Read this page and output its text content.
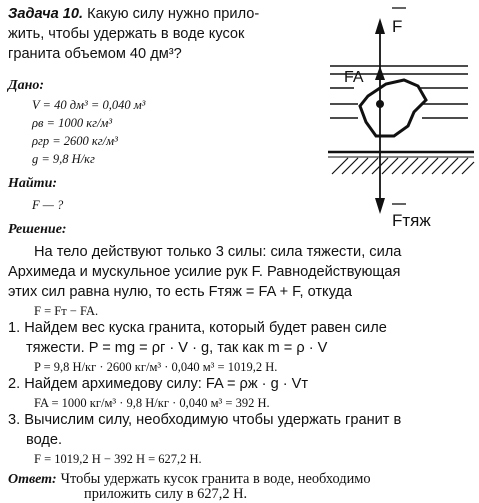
Задача 10. Какую силу нужно прило-
жить, чтобы удержать в воде кусок
гранита объемом 40 дм³?
Дано:
V = 40 дм³ = 0,040 м³
ρв = 1000 кг/м³
ρгр = 2600 кг/м³
g = 9,8 Н/кг
Найти:
F — ?
Решение:
На тело действуют только 3 силы: сила тяжести, сила
Архимеда и мускульное усилие рук F. Равнодействующая
этих сил равна нулю, то есть Fтяж = FA + F, откуда
F = Fт − FA.
1. Найдем вес куска гранита, который будет равен силе
тяжести. P = mg = ρг · V · g, так как m = ρ · V
P = 9,8 Н/кг · 2600 кг/м³ · 0,040 м³ = 1019,2 Н.
2. Найдем архимедову силу: FA = ρж · g · Vт
FA = 1000 кг/м³ · 9,8 Н/кг · 0,040 м³ = 392 Н.
3. Вычислим силу, необходимую чтобы удержать гранит в
воде.
F = 1019,2 Н − 392 Н = 627,2 Н.
Ответ: Чтобы удержать кусок гранита в воде, необходимо
приложить силу в 627,2 Н.
F
FA
Fтяж
